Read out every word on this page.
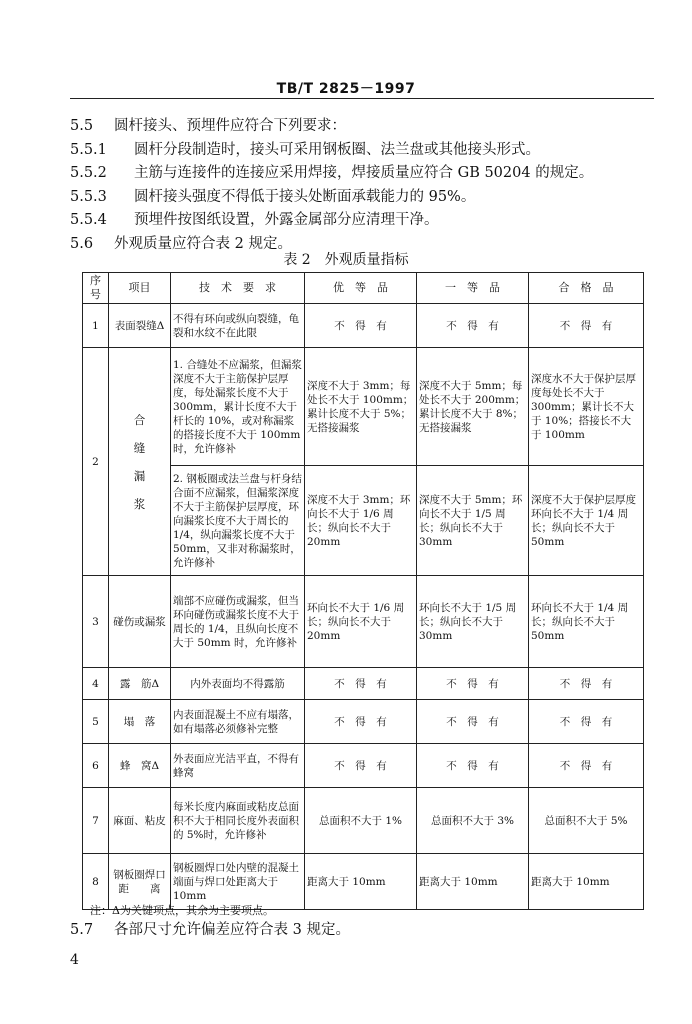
TB/T 2825－1997
5.5 圆杆接头、预埋件应符合下列要求：
5.5.1 圆杆分段制造时，接头可采用钢板圈、法兰盘或其他接头形式。
5.5.2 主筋与连接件的连接应采用焊接，焊接质量应符合 GB 50204 的规定。
5.5.3 圆杆接头强度不得低于接头处断面承载能力的 95%。
5.5.4 预埋件按图纸设置，外露金属部分应清理干净。
5.6 外观质量应符合表 2 规定。
表 2　外观质量指标
序号	项目	技　术　要　求	优　等　品	一　等　品	合　格　品
1	表面裂缝Δ	不得有环向或纵向裂缝，龟裂和水纹不在此限	不　得　有	不　得　有	不　得　有
2	合缝漏浆	1. 合缝处不应漏浆，但漏浆深度不大于主筋保护层厚度，每处漏浆长度不大于 300mm，累计长度不大于杆长的 10%，或对称漏浆的搭接长度不大于 100mm 时，允许修补	深度不大于 3mm；每处长不大于 100mm；累计长度不大于 5%；无搭接漏浆	深度不大于 5mm；每处长不大于 200mm；累计长度不大于 8%；无搭接漏浆	深度水不大于保护层厚度每处长不大于 300mm；累计长不大于 10%；搭接长不大于 100mm
		2. 钢板圈或法兰盘与杆身结合面不应漏浆，但漏浆深度不大于主筋保护层厚度，环向漏浆长度不大于周长的 1/4，纵向漏浆长度不大于 50mm，又非对称漏浆时，允许修补	深度不大于 3mm；环向长不大于 1/6 周长；纵向长不大于 20mm	深度不大于 5mm；环向长不大于 1/5 周长；纵向长不大于 30mm	深度不大于保护层厚度环向长不大于 1/4 周长；纵向长不大于 50mm
3	碰伤或漏浆	端部不应碰伤或漏浆，但当环向碰伤或漏浆长度不大于周长的 1/4，且纵向长度不大于 50mm 时，允许修补	环向长不大于 1/6 周长；纵向长不大于 20mm	环向长不大于 1/5 周长；纵向长不大于 30mm	环向长不大于 1/4 周长；纵向长不大于 50mm
4	露　筋Δ	内外表面均不得露筋	不　得　有	不　得　有	不　得　有
5	塌　落	内表面混凝土不应有塌落，如有塌落必须修补完整	不　得　有	不　得　有	不　得　有
6	蜂　窝Δ	外表面应光洁平直，不得有蜂窝	不　得　有	不　得　有	不　得　有
7	麻面、粘皮	每米长度内麻面或粘皮总面积不大于相同长度外表面积的 5%时，允许修补	总面积不大于 1%	总面积不大于 3%	总面积不大于 5%
8	钢板圈焊口距　　离	钢板圈焊口处内壁的混凝土端面与焊口处距离大于 10mm	距离大于 10mm	距离大于 10mm	距离大于 10mm
注：Δ为关键项点，其余为主要项点。
5.7 各部尺寸允许偏差应符合表 3 规定。
4
